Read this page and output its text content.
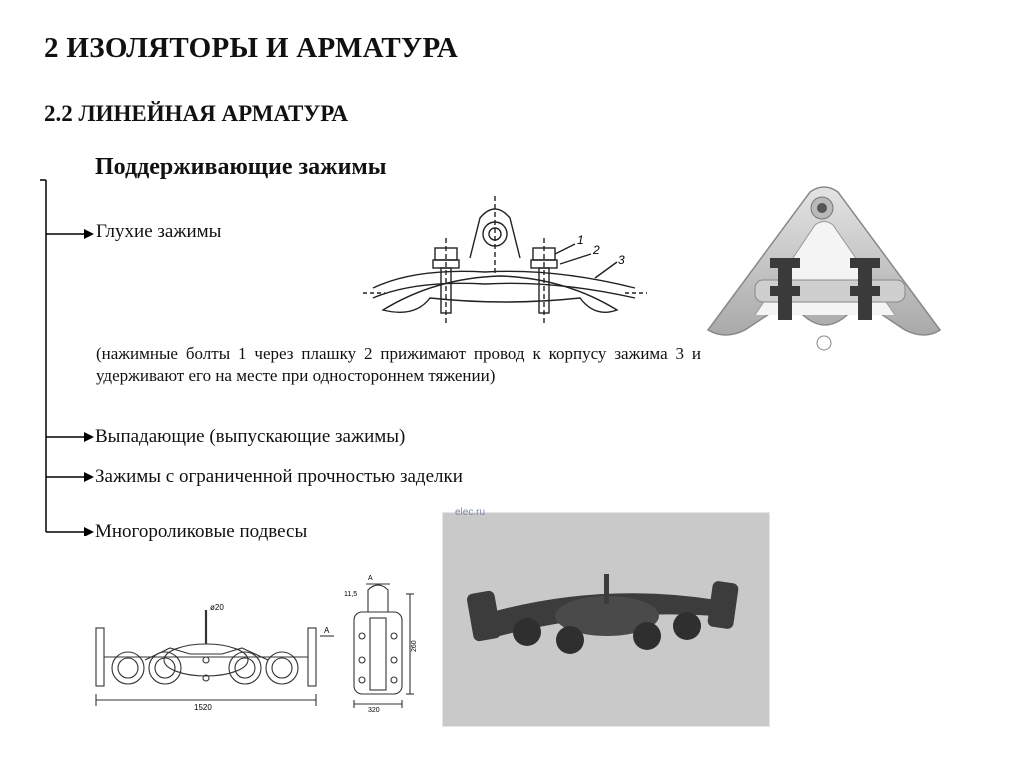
2 ИЗОЛЯТОРЫ И АРМАТУРА
2.2 ЛИНЕЙНАЯ АРМАТУРА
Поддерживающие зажимы
Глухие зажимы
(нажимные болты 1 через плашку 2 прижимают провод к корпусу зажима 3 и удерживают его на месте при одностороннем тяжении)
Выпадающие (выпускающие зажимы)
Зажимы с ограниченной прочностью заделки
Многороликовые подвесы
1
2
3
ø20
1520
А
А
11,5
260
320
elec.ru
